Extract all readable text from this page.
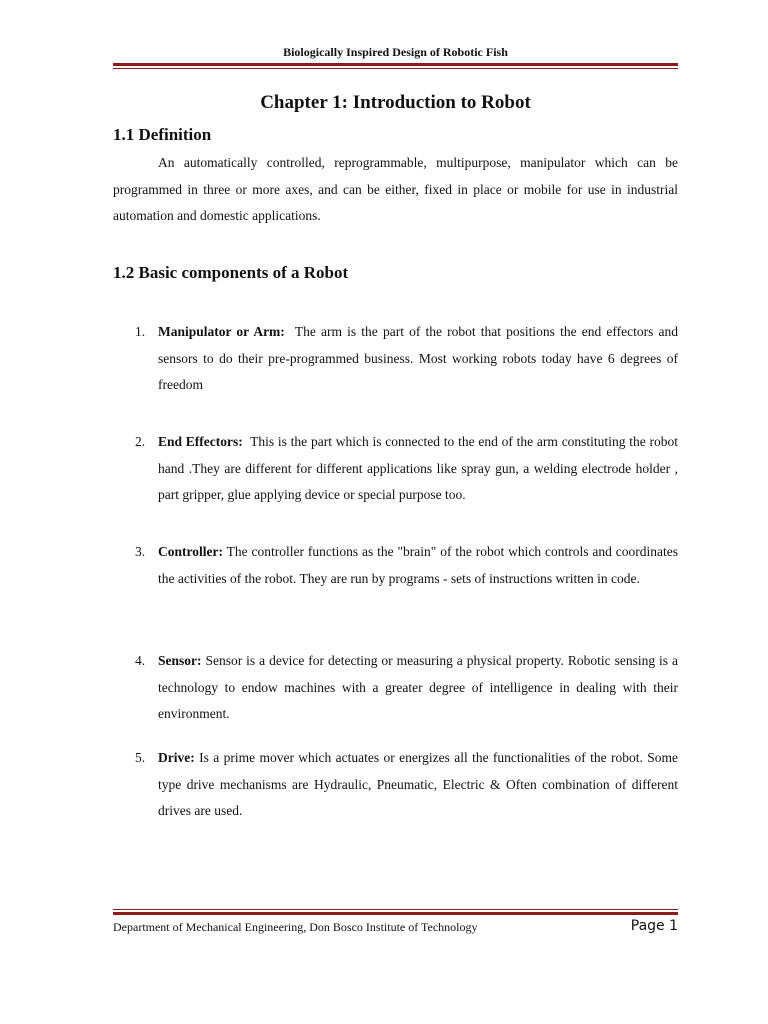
Biologically Inspired Design of Robotic Fish
Chapter 1: Introduction to Robot
1.1 Definition

An automatically controlled, reprogrammable, multipurpose, manipulator which can be programmed in three or more axes, and can be either, fixed in place or mobile for use in industrial automation and domestic applications.

1.2 Basic components of a Robot
1. Manipulator or Arm: The arm is the part of the robot that positions the end effectors and sensors to do their pre-programmed business. Most working robots today have 6 degrees of freedom

2. End Effectors: This is the part which is connected to the end of the arm constituting the robot hand .They are different for different applications like spray gun, a welding electrode holder , part gripper, glue applying device or special purpose too.

3. Controller: The controller functions as the "brain" of the robot which controls and coordinates the activities of the robot. They are run by programs - sets of instructions written in code.

4. Sensor: Sensor is a device for detecting or measuring a physical property. Robotic sensing is a technology to endow machines with a greater degree of intelligence in dealing with their environment.

5. Drive: Is a prime mover which actuates or energizes all the functionalities of the robot. Some type drive mechanisms are Hydraulic, Pneumatic, Electric & Often combination of different drives are used.

Department of Mechanical Engineering, Don Bosco Institute of Technology	Page 1
